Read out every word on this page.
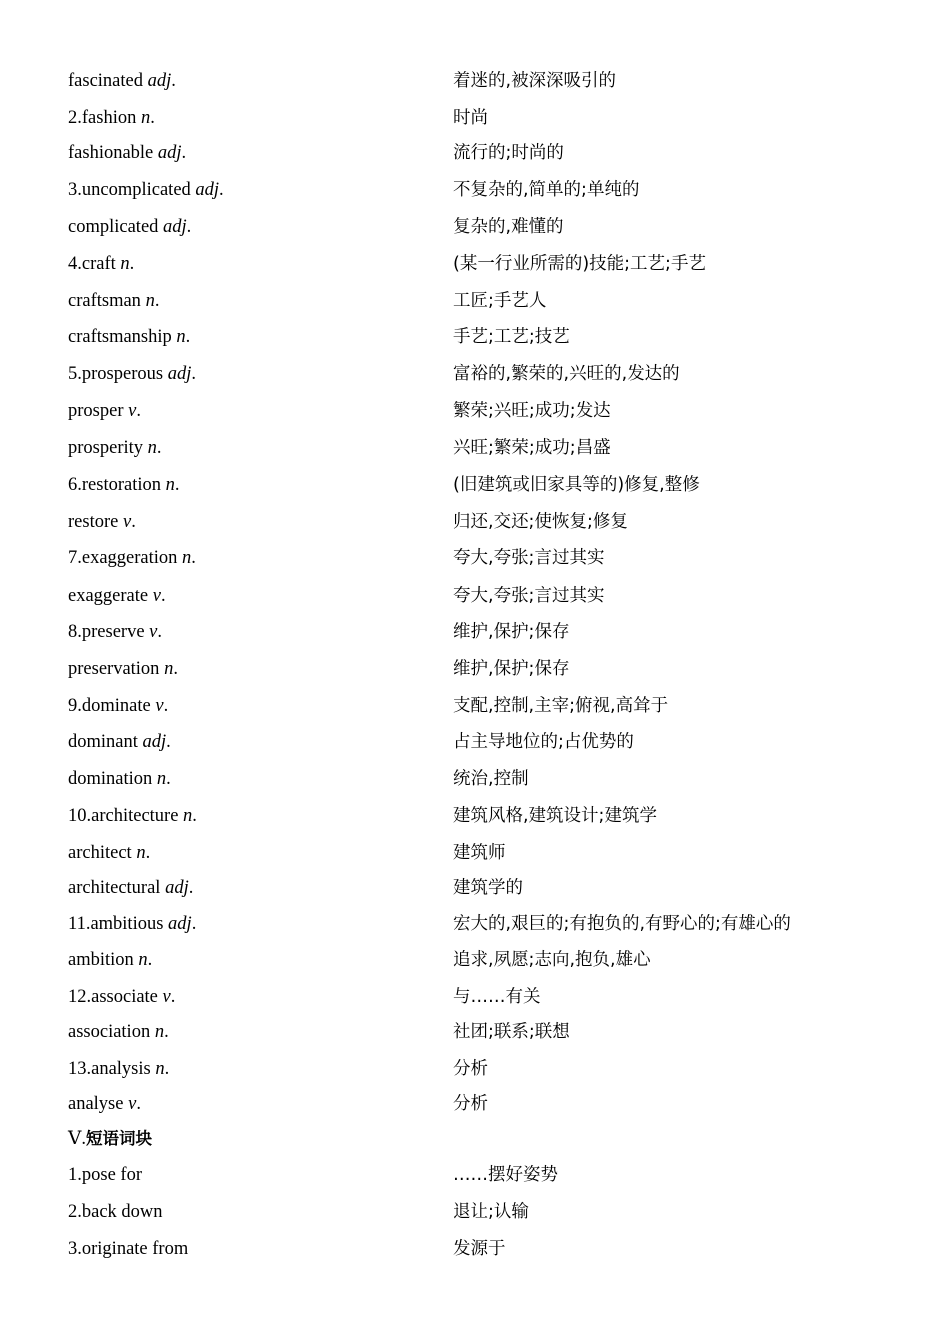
fascinated adj.	着迷的,被深深吸引的
2.fashion n.	时尚
fashionable adj.	流行的;时尚的
3.uncomplicated adj.	不复杂的,简单的;单纯的
complicated adj.	复杂的,难懂的
4.craft n.	(某一行业所需的)技能;工艺;手艺
craftsman n.	工匠;手艺人
craftsmanship n.	手艺;工艺;技艺
5.prosperous adj.	富裕的,繁荣的,兴旺的,发达的
prosper v.	繁荣;兴旺;成功;发达
prosperity n.	兴旺;繁荣;成功;昌盛
6.restoration n.	(旧建筑或旧家具等的)修复,整修
restore v.	归还,交还;使恢复;修复
7.exaggeration n.	夸大,夸张;言过其实
exaggerate v.	夸大,夸张;言过其实
8.preserve v.	维护,保护;保存
preservation n.	维护,保护;保存
9.dominate v.	支配,控制,主宰;俯视,高耸于
dominant adj.	占主导地位的;占优势的
domination n.	统治,控制
10.architecture n.	建筑风格,建筑设计;建筑学
architect n.	建筑师
architectural adj.	建筑学的
11.ambitious adj.	宏大的,艰巨的;有抱负的,有野心的;有雄心的
ambition n.	追求,夙愿;志向,抱负,雄心
12.associate v.	与……有关
association n.	社团;联系;联想
13.analysis n.	分析
analyse v.	分析
Ⅴ.短语词块
1.pose for	……摆好姿势
2.back down	退让;认输
3.originate from	发源于
